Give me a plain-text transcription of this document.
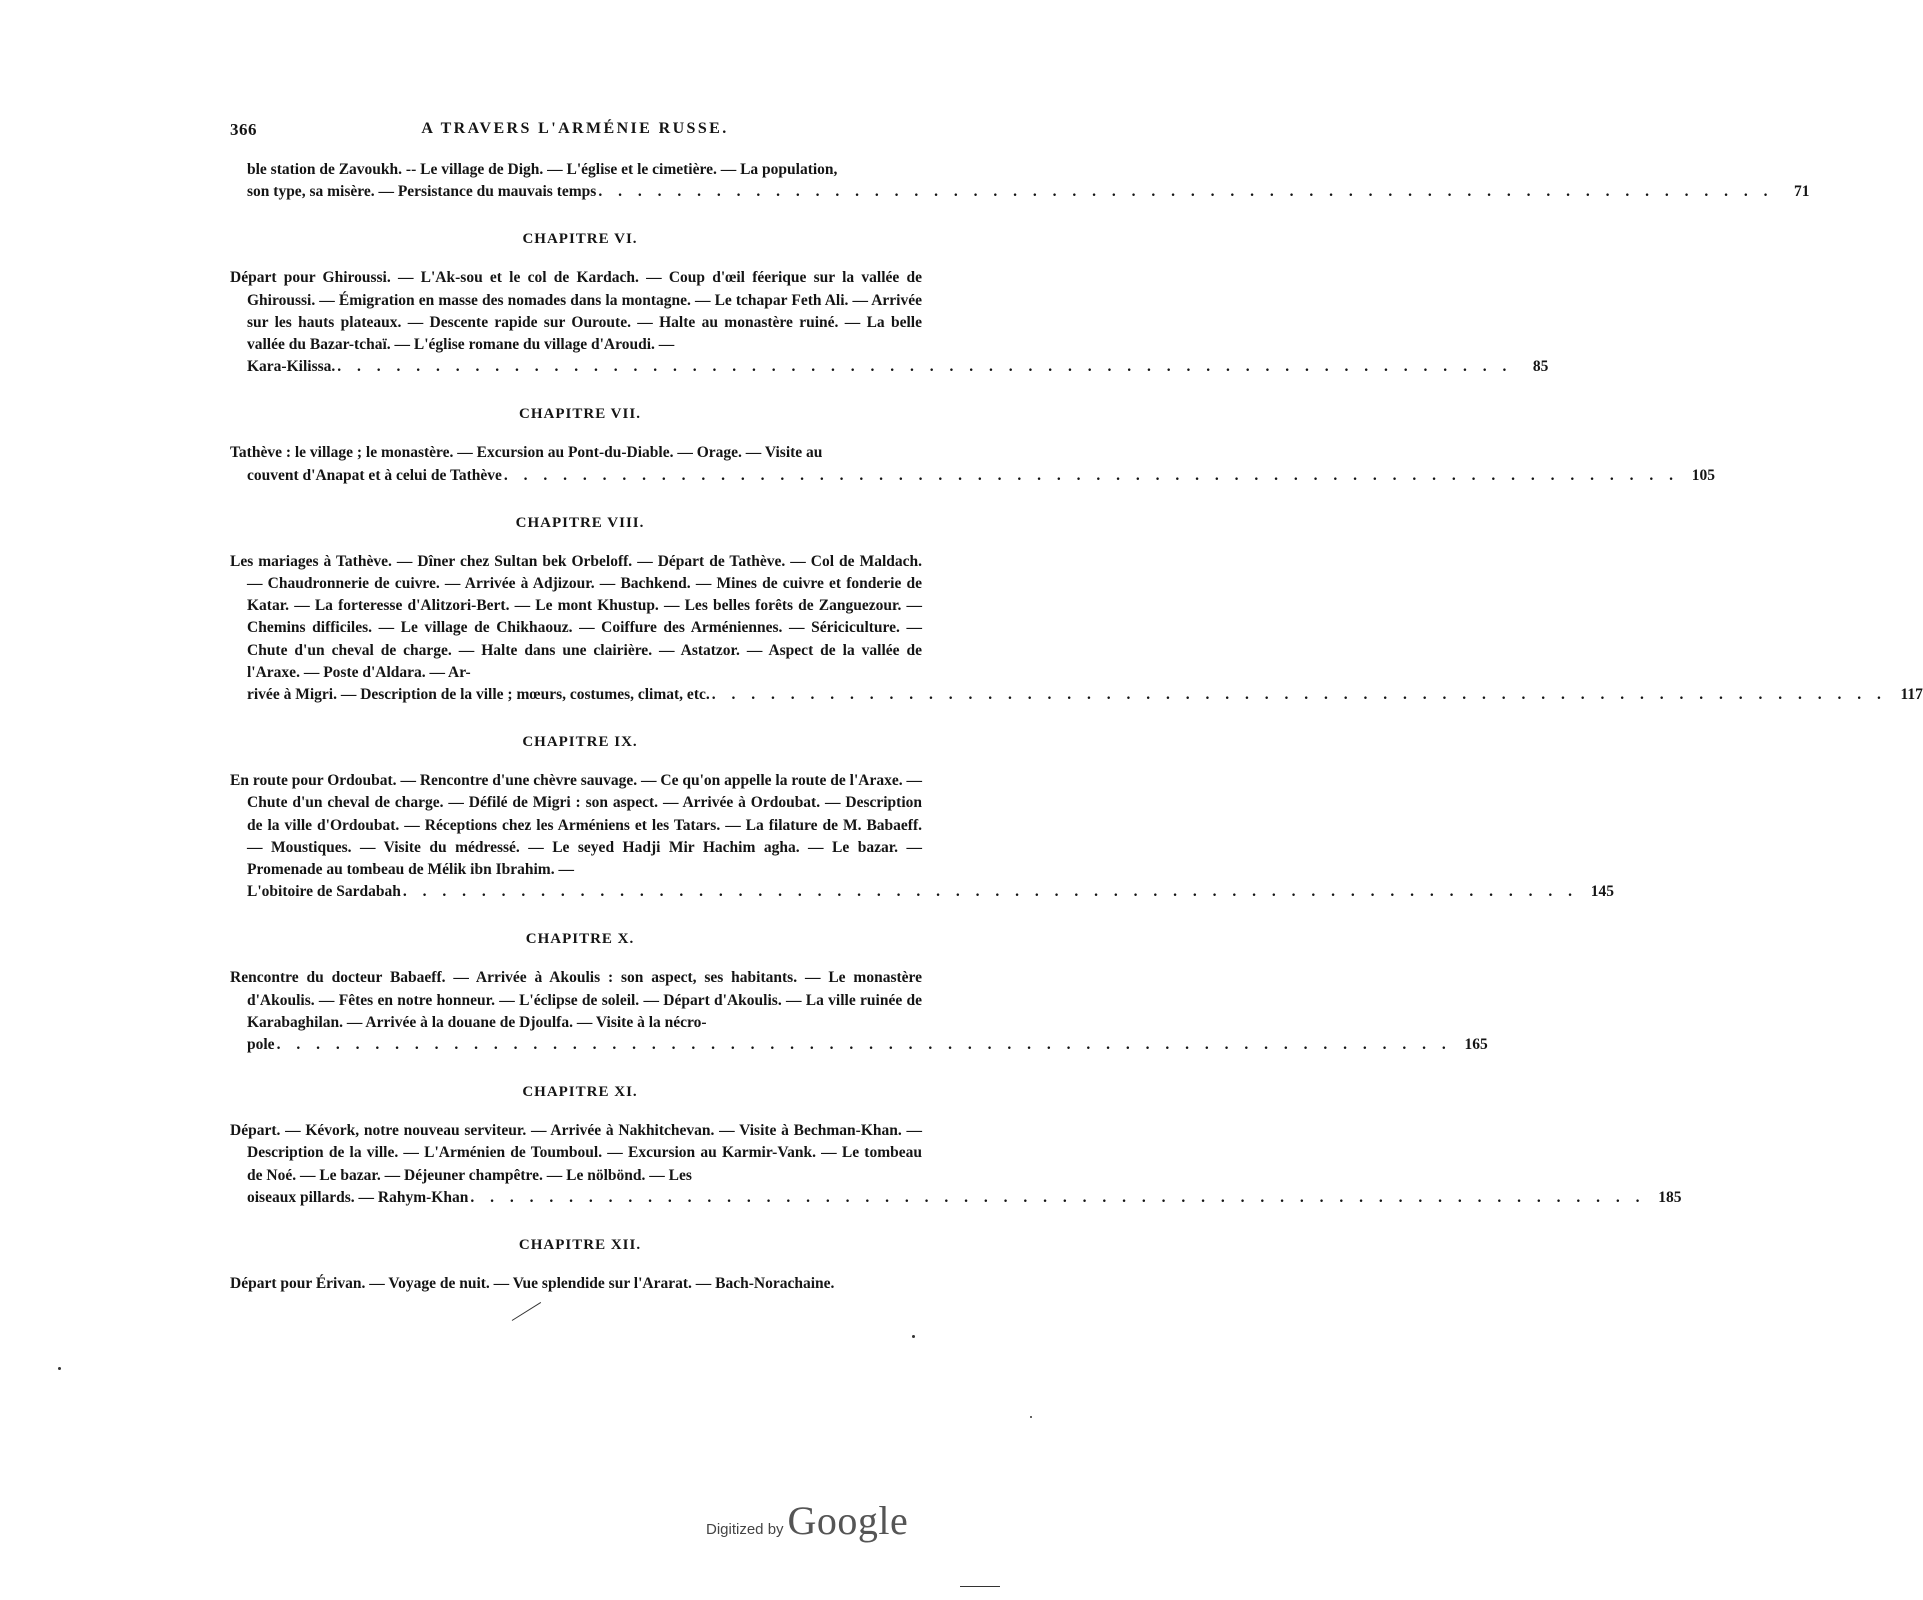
366	A TRAVERS L'ARMÉNIE RUSSE.
ble station de Zavoukh. -- Le village de Digh. — L'église et le cimetière. — La population,
son type, sa misère. — Persistance du mauvais temps . . . . . . . . . . . . . . . . . . . . . . . . . . . . . . . . . . . . . . . . . . . . . . . . . . . . . . . . . . . .	71
CHAPITRE VI.
Départ pour Ghiroussi. — L'Ak-sou et le col de Kardach. — Coup d'œil féerique sur la vallée de Ghiroussi. — Émigration en masse des nomades dans la montagne. — Le tchapar Feth Ali. — Arrivée sur les hauts plateaux. — Descente rapide sur Ouroute. — Halte au monastère ruiné. — La belle vallée du Bazar-tchaï. — L'église romane du village d'Aroudi. —
Kara-Kilissa. . . . . . . . . . . . . . . . . . . . . . . . . . . . . . . . . . . . . . . . . . . . . . . . . . . . . . . . . . . . .	85
CHAPITRE VII.
Tathève : le village ; le monastère. — Excursion au Pont-du-Diable. — Orage. — Visite au
couvent d'Anapat et à celui de Tathève . . . . . . . . . . . . . . . . . . . . . . . . . . . . . . . . . . . . . . . . . . . . . . . . . . . . . . . . . . . . 105
CHAPITRE VIII.
Les mariages à Tathève. — Dîner chez Sultan bek Orbeloff. — Départ de Tathève. — Col de Maldach. — Chaudronnerie de cuivre. — Arrivée à Adjizour. — Bachkend. — Mines de cuivre et fonderie de Katar. — La forteresse d'Alitzori-Bert. — Le mont Khustup. — Les belles forêts de Zanguezour. — Chemins difficiles. — Le village de Chikhaouz. — Coiffure des Arméniennes. — Sériciculture. — Chute d'un cheval de charge. — Halte dans une clairière. — Astatzor. — Aspect de la vallée de l'Araxe. — Poste d'Aldara. — Ar-
rivée à Migri. — Description de la ville ; mœurs, costumes, climat, etc. . . . . . . . . . . . . . . . . . . . . . . . . . . . . . . . . . . . . . . . . . . . . . . . . . . . . . . . . . . . . 117
CHAPITRE IX.
En route pour Ordoubat. — Rencontre d'une chèvre sauvage. — Ce qu'on appelle la route de l'Araxe. — Chute d'un cheval de charge. — Défilé de Migri : son aspect. — Arrivée à Ordoubat. — Description de la ville d'Ordoubat. — Réceptions chez les Arméniens et les Tatars. — La filature de M. Babaeff. — Moustiques. — Visite du médressé. — Le seyed Hadji Mir Hachim agha. — Le bazar. — Promenade au tombeau de Mélik ibn Ibrahim. —
L'obitoire de Sardabah . . . . . . . . . . . . . . . . . . . . . . . . . . . . . . . . . . . . . . . . . . . . . . . . . . . . . . . . . . . . 145
CHAPITRE X.
Rencontre du docteur Babaeff. — Arrivée à Akoulis : son aspect, ses habitants. — Le monastère d'Akoulis. — Fêtes en notre honneur. — L'éclipse de soleil. — Départ d'Akoulis. — La ville ruinée de Karabaghilan. — Arrivée à la douane de Djoulfa. — Visite à la nécro-
pole . . . . . . . . . . . . . . . . . . . . . . . . . . . . . . . . . . . . . . . . . . . . . . . . . . . . . . . . . . . . 165
CHAPITRE XI.
Départ. — Kévork, notre nouveau serviteur. — Arrivée à Nakhitchevan. — Visite à Bechman-Khan. — Description de la ville. — L'Arménien de Toumboul. — Excursion au Karmir-Vank. — Le tombeau de Noé. — Le bazar. — Déjeuner champêtre. — Le nölbönd. — Les
oiseaux pillards. — Rahym-Khan . . . . . . . . . . . . . . . . . . . . . . . . . . . . . . . . . . . . . . . . . . . . . . . . . . . . . . . . . . . . 185
CHAPITRE XII.
Départ pour Érivan. — Voyage de nuit. — Vue splendide sur l'Ararat. — Bach-Norachaine.
Digitized by Google
